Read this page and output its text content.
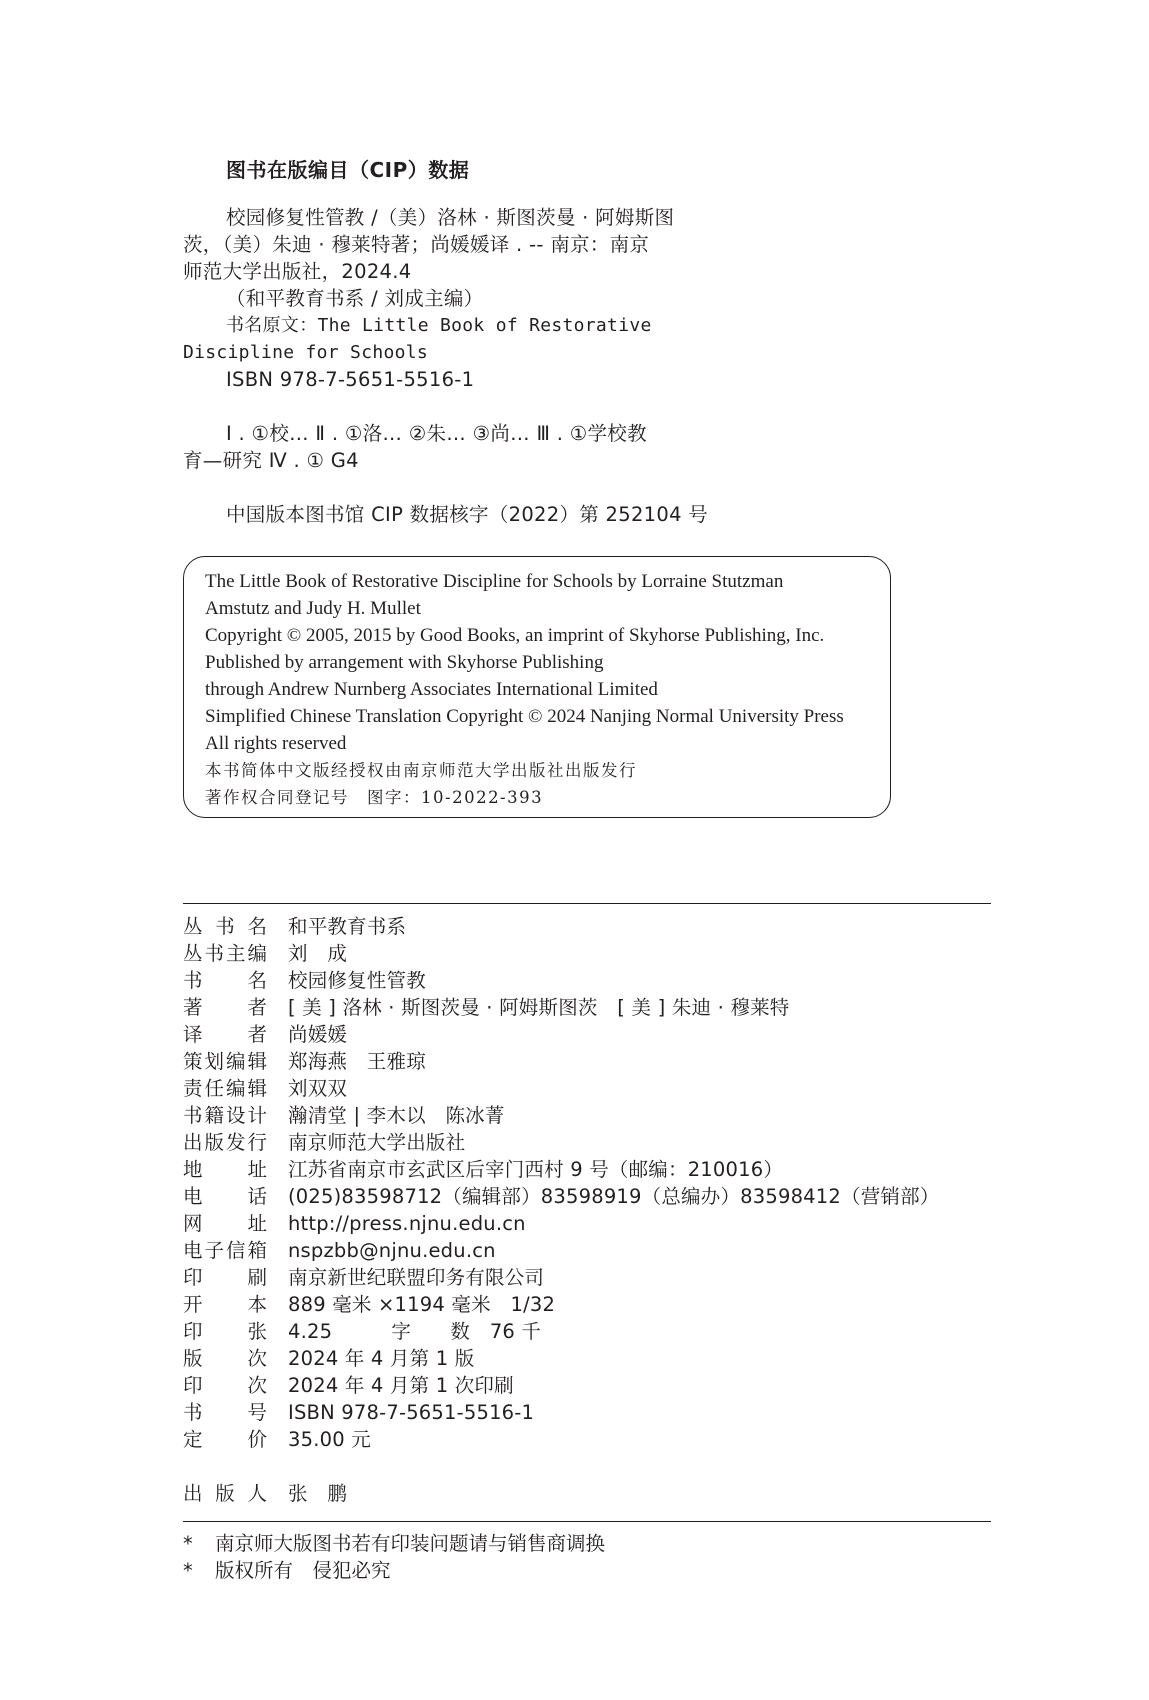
图书在版编目（CIP）数据
校园修复性管教 /（美）洛林 · 斯图茨曼 · 阿姆斯图
茨，（美）朱迪 · 穆莱特著；尚媛媛译 . -- 南京：南京
师范大学出版社，2024.4
（和平教育书系 / 刘成主编）
书名原文：The Little Book of Restorative
Discipline for Schools
ISBN 978-7-5651-5516-1
Ⅰ . ①校… Ⅱ . ①洛… ②朱… ③尚… Ⅲ . ①学校教
育—研究 Ⅳ . ① G4
中国版本图书馆 CIP 数据核字（2022）第 252104 号
The Little Book of Restorative Discipline for Schools by Lorraine Stutzman
Amstutz and Judy H. Mullet
Copyright © 2005, 2015 by Good Books, an imprint of Skyhorse Publishing, Inc.
Published by arrangement with Skyhorse Publishing
through Andrew Nurnberg Associates International Limited
Simplified Chinese Translation Copyright © 2024 Nanjing Normal University Press
All rights reserved
本书简体中文版经授权由南京师范大学出版社出版发行
著作权合同登记号　图字：10-2022-393
丛书名 和平教育书系
丛书主编 刘　成
书名 校园修复性管教
著者 [ 美 ] 洛林 · 斯图茨曼 · 阿姆斯图茨　[ 美 ] 朱迪 · 穆莱特
译者 尚媛媛
策划编辑 郑海燕　王雅琼
责任编辑 刘双双
书籍设计 瀚清堂 | 李木以　陈冰菁
出版发行 南京师范大学出版社
地址 江苏省南京市玄武区后宰门西村 9 号（邮编：210016）
电话 (025)83598712（编辑部）83598919（总编办）83598412（营销部）
网址 http://press.njnu.edu.cn
电子信箱 nspzbb@njnu.edu.cn
印刷 南京新世纪联盟印务有限公司
开本 889 毫米 ×1194 毫米　1/32
印张 4.25　　　字　　数　76 千
版次 2024 年 4 月第 1 版
印次 2024 年 4 月第 1 次印刷
书号 ISBN 978-7-5651-5516-1
定价 35.00 元
出版人 张　鹏
* 南京师大版图书若有印装问题请与销售商调换
* 版权所有　侵犯必究
